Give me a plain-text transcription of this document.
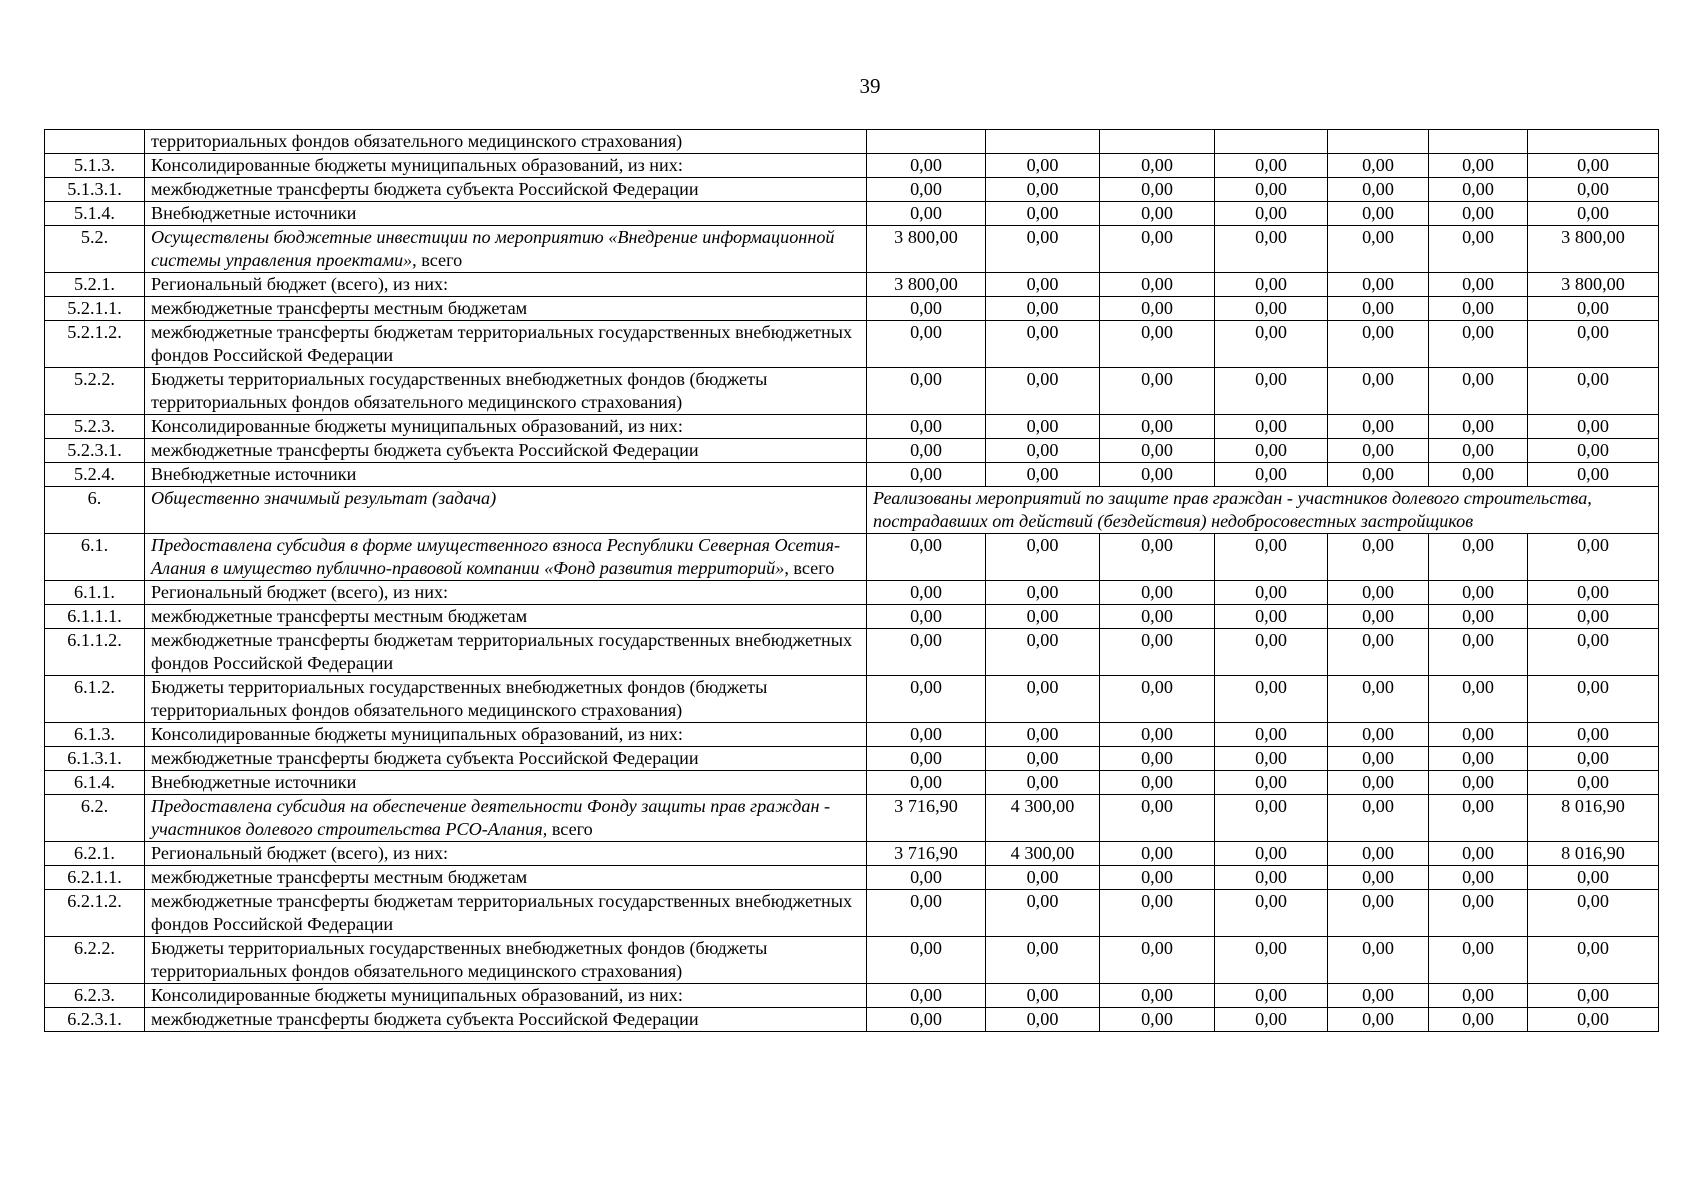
39
	территориальных фондов обязательного медицинского страхования)							
5.1.3.	Консолидированные бюджеты муниципальных образований, из них:	0,00	0,00	0,00	0,00	0,00	0,00	0,00
5.1.3.1.	межбюджетные трансферты бюджета субъекта Российской Федерации	0,00	0,00	0,00	0,00	0,00	0,00	0,00
5.1.4.	Внебюджетные источники	0,00	0,00	0,00	0,00	0,00	0,00	0,00
5.2.	Осуществлены бюджетные инвестиции по мероприятию «Внедрение информационной системы управления проектами», всего	3 800,00	0,00	0,00	0,00	0,00	0,00	3 800,00
5.2.1.	Региональный бюджет (всего), из них:	3 800,00	0,00	0,00	0,00	0,00	0,00	3 800,00
5.2.1.1.	межбюджетные трансферты местным бюджетам	0,00	0,00	0,00	0,00	0,00	0,00	0,00
5.2.1.2.	межбюджетные трансферты бюджетам территориальных государственных внебюджетных фондов Российской Федерации	0,00	0,00	0,00	0,00	0,00	0,00	0,00
5.2.2.	Бюджеты территориальных государственных внебюджетных фондов (бюджеты территориальных фондов обязательного медицинского страхования)	0,00	0,00	0,00	0,00	0,00	0,00	0,00
5.2.3.	Консолидированные бюджеты муниципальных образований, из них:	0,00	0,00	0,00	0,00	0,00	0,00	0,00
5.2.3.1.	межбюджетные трансферты бюджета субъекта Российской Федерации	0,00	0,00	0,00	0,00	0,00	0,00	0,00
5.2.4.	Внебюджетные источники	0,00	0,00	0,00	0,00	0,00	0,00	0,00
6.	Общественно значимый результат (задача)	Реализованы мероприятий по защите прав граждан - участников долевого строительства, пострадавших от действий (бездействия) недобросовестных застройщиков						
6.1.	Предоставлена субсидия в форме имущественного взноса Республики Северная Осетия-Алания в имущество публично-правовой компании «Фонд развития территорий», всего	0,00	0,00	0,00	0,00	0,00	0,00	0,00
6.1.1.	Региональный бюджет (всего), из них:	0,00	0,00	0,00	0,00	0,00	0,00	0,00
6.1.1.1.	межбюджетные трансферты местным бюджетам	0,00	0,00	0,00	0,00	0,00	0,00	0,00
6.1.1.2.	межбюджетные трансферты бюджетам территориальных государственных внебюджетных фондов Российской Федерации	0,00	0,00	0,00	0,00	0,00	0,00	0,00
6.1.2.	Бюджеты территориальных государственных внебюджетных фондов (бюджеты территориальных фондов обязательного медицинского страхования)	0,00	0,00	0,00	0,00	0,00	0,00	0,00
6.1.3.	Консолидированные бюджеты муниципальных образований, из них:	0,00	0,00	0,00	0,00	0,00	0,00	0,00
6.1.3.1.	межбюджетные трансферты бюджета субъекта Российской Федерации	0,00	0,00	0,00	0,00	0,00	0,00	0,00
6.1.4.	Внебюджетные источники	0,00	0,00	0,00	0,00	0,00	0,00	0,00
6.2.	Предоставлена субсидия на обеспечение деятельности Фонду защиты прав граждан - участников долевого строительства РСО-Алания, всего	3 716,90	4 300,00	0,00	0,00	0,00	0,00	8 016,90
6.2.1.	Региональный бюджет (всего), из них:	3 716,90	4 300,00	0,00	0,00	0,00	0,00	8 016,90
6.2.1.1.	межбюджетные трансферты местным бюджетам	0,00	0,00	0,00	0,00	0,00	0,00	0,00
6.2.1.2.	межбюджетные трансферты бюджетам территориальных государственных внебюджетных фондов Российской Федерации	0,00	0,00	0,00	0,00	0,00	0,00	0,00
6.2.2.	Бюджеты территориальных государственных внебюджетных фондов (бюджеты территориальных фондов обязательного медицинского страхования)	0,00	0,00	0,00	0,00	0,00	0,00	0,00
6.2.3.	Консолидированные бюджеты муниципальных образований, из них:	0,00	0,00	0,00	0,00	0,00	0,00	0,00
6.2.3.1.	межбюджетные трансферты бюджета субъекта Российской Федерации	0,00	0,00	0,00	0,00	0,00	0,00	0,00
